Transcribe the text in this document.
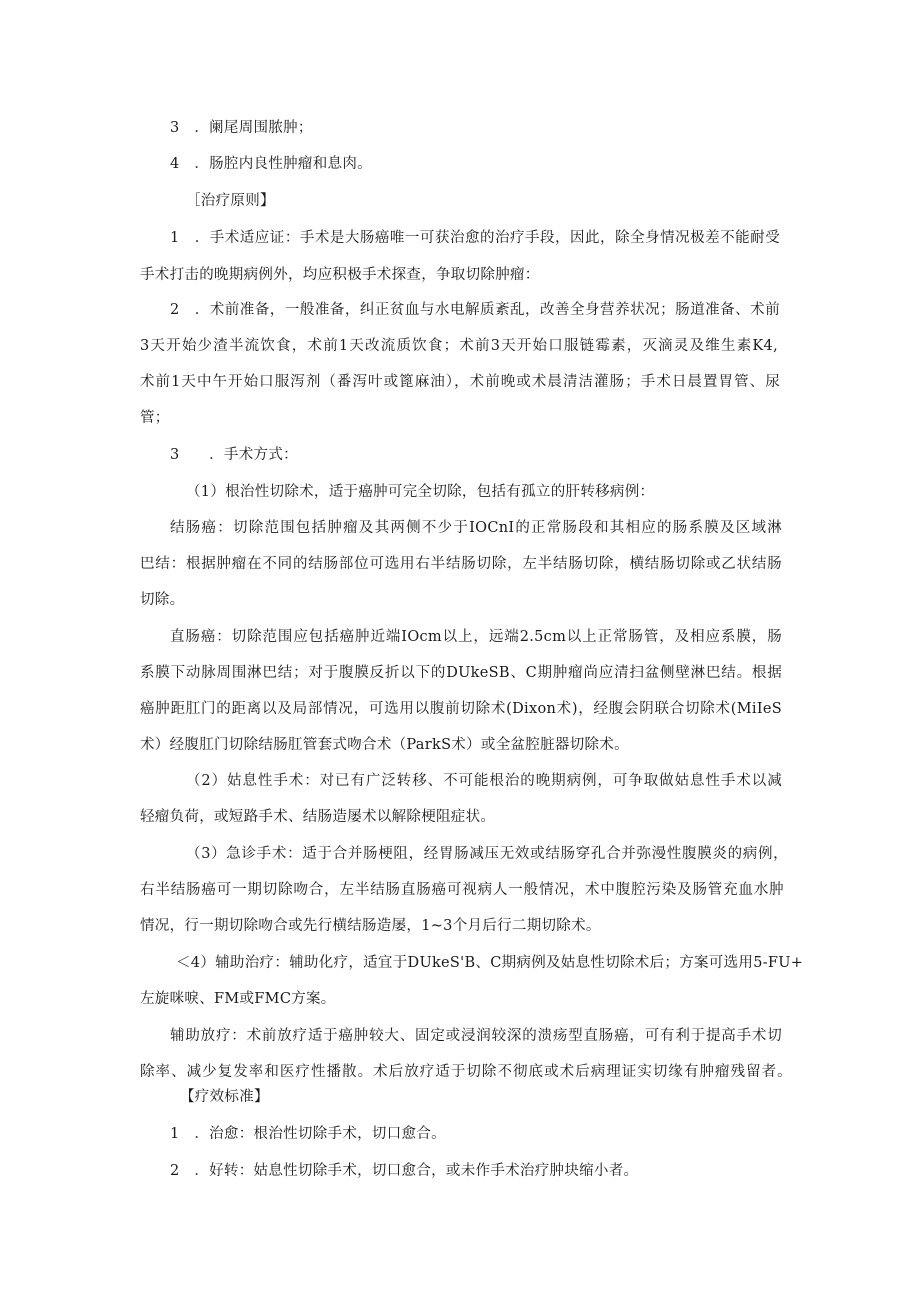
3　．阑尾周围脓肿；
4　．肠腔内良性肿瘤和息肉。
［治疗原则】
1　．手术适应证：手术是大肠癌唯一可获治愈的治疗手段，因此，除全身情况极差不能耐受
手术打击的晚期病例外，均应积极手术探查，争取切除肿瘤：
2　．术前准备，一般准备，纠正贫血与水电解质紊乱，改善全身营养状况；肠道准备、术前
3天开始少渣半流饮食，术前1天改流质饮食；术前3天开始口服链霉素，灭滴灵及维生素K4,
术前1天中午开始口服泻剂（番泻叶或篦麻油），术前晚或术晨清洁灌肠；手术日晨置胃管、尿
管；
3　　．手术方式：
（1）根治性切除术，适于癌肿可完全切除，包括有孤立的肝转移病例：
结肠癌：切除范围包括肿瘤及其两侧不少于IOCnI的正常肠段和其相应的肠系膜及区域淋
巴结：根据肿瘤在不同的结肠部位可选用右半结肠切除，左半结肠切除，横结肠切除或乙状结肠
切除。
直肠癌：切除范围应包括癌肿近端IOcm以上，远端2.5cm以上正常肠管，及相应系膜，肠
系膜下动脉周围淋巴结；对于腹膜反折以下的DUkeSB、C期肿瘤尚应清扫盆侧壁淋巴结。根据
癌肿距肛门的距离以及局部情况，可选用以腹前切除术(Dixon术)，经腹会阴联合切除术(MiIeS
术）经腹肛门切除结肠肛管套式吻合术（ParkS术）或全盆腔脏器切除术。
（2）姑息性手术：对已有广泛转移、不可能根治的晚期病例，可争取做姑息性手术以减
轻瘤负荷，或短路手术、结肠造屡术以解除梗阻症状。
（3）急诊手术：适于合并肠梗阻，经胃肠减压无效或结肠穿孔合并弥漫性腹膜炎的病例，
右半结肠癌可一期切除吻合，左半结肠直肠癌可视病人一般情况，术中腹腔污染及肠管充血水肿
情况，行一期切除吻合或先行横结肠造屡，1~3个月后行二期切除术。
＜4）辅助治疗：辅助化疗，适宜于DUkeS'B、C期病例及姑息性切除术后；方案可选用5-FU+
左旋咪唳、FM或FMC方案。
辅助放疗：术前放疗适于癌肿较大、固定或浸润较深的溃疡型直肠癌，可有利于提高手术切
除率、减少复发率和医疗性播散。术后放疗适于切除不彻底或术后病理证实切缘有肿瘤残留者。
【疗效标准】
1　．治愈：根治性切除手术，切口愈合。
2　．好转：姑息性切除手术，切口愈合，或未作手术治疗肿块缩小者。
